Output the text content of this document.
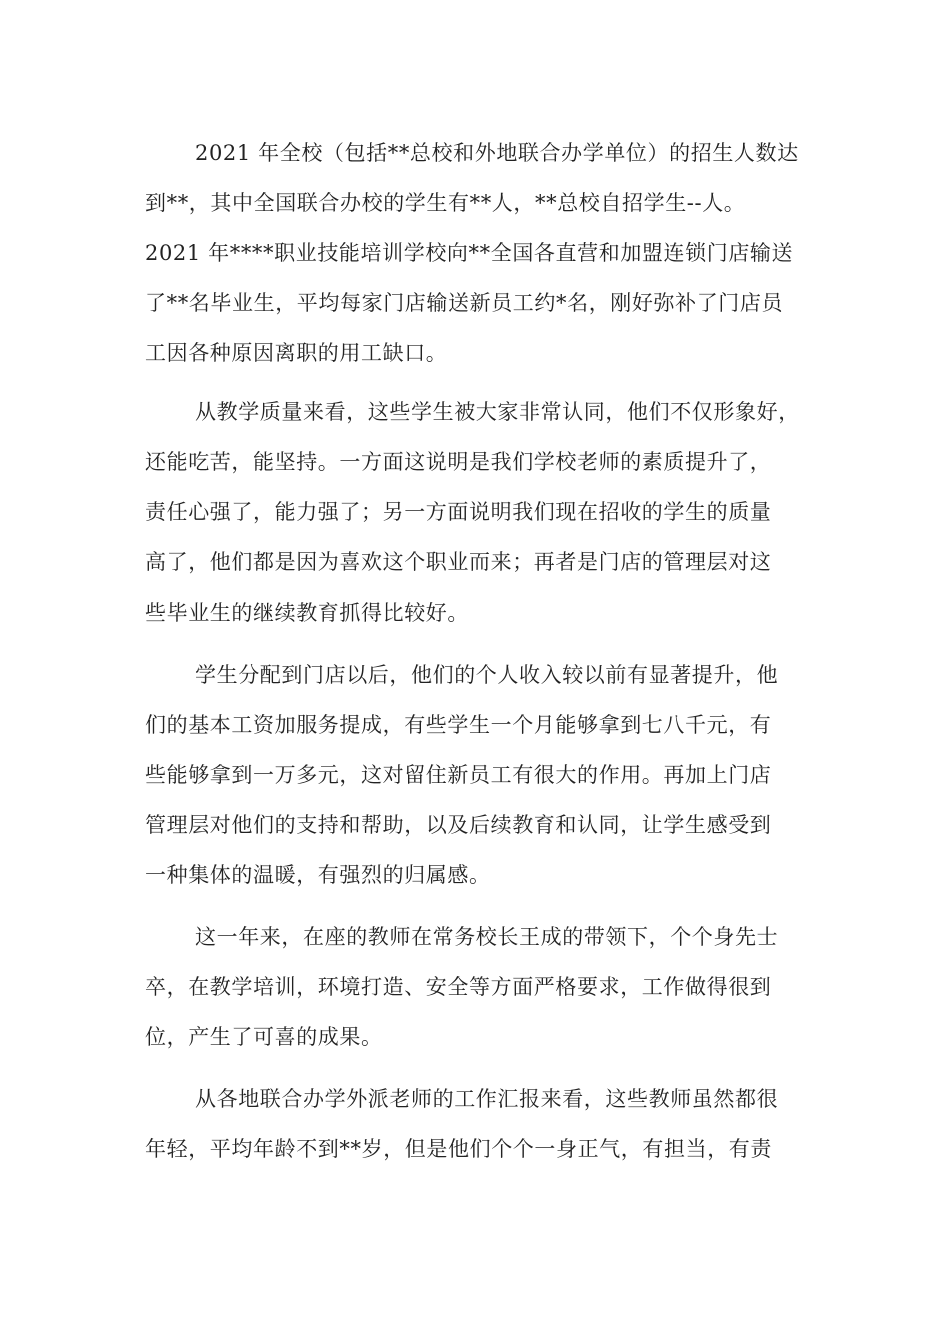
2021 年全校（包括**总校和外地联合办学单位）的招生人数达
到**，其中全国联合办校的学生有**人，**总校自招学生--人。
2021 年****职业技能培训学校向**全国各直营和加盟连锁门店输送
了**名毕业生，平均每家门店输送新员工约*名，刚好弥补了门店员
工因各种原因离职的用工缺口。
从教学质量来看，这些学生被大家非常认同，他们不仅形象好，
还能吃苦，能坚持。一方面这说明是我们学校老师的素质提升了，
责任心强了，能力强了；另一方面说明我们现在招收的学生的质量
高了，他们都是因为喜欢这个职业而来；再者是门店的管理层对这
些毕业生的继续教育抓得比较好。
学生分配到门店以后，他们的个人收入较以前有显著提升，他
们的基本工资加服务提成，有些学生一个月能够拿到七八千元，有
些能够拿到一万多元，这对留住新员工有很大的作用。再加上门店
管理层对他们的支持和帮助，以及后续教育和认同，让学生感受到
一种集体的温暖，有强烈的归属感。
这一年来，在座的教师在常务校长王成的带领下，个个身先士
卒，在教学培训，环境打造、安全等方面严格要求，工作做得很到
位，产生了可喜的成果。
从各地联合办学外派老师的工作汇报来看，这些教师虽然都很
年轻，平均年龄不到**岁，但是他们个个一身正气，有担当，有责
